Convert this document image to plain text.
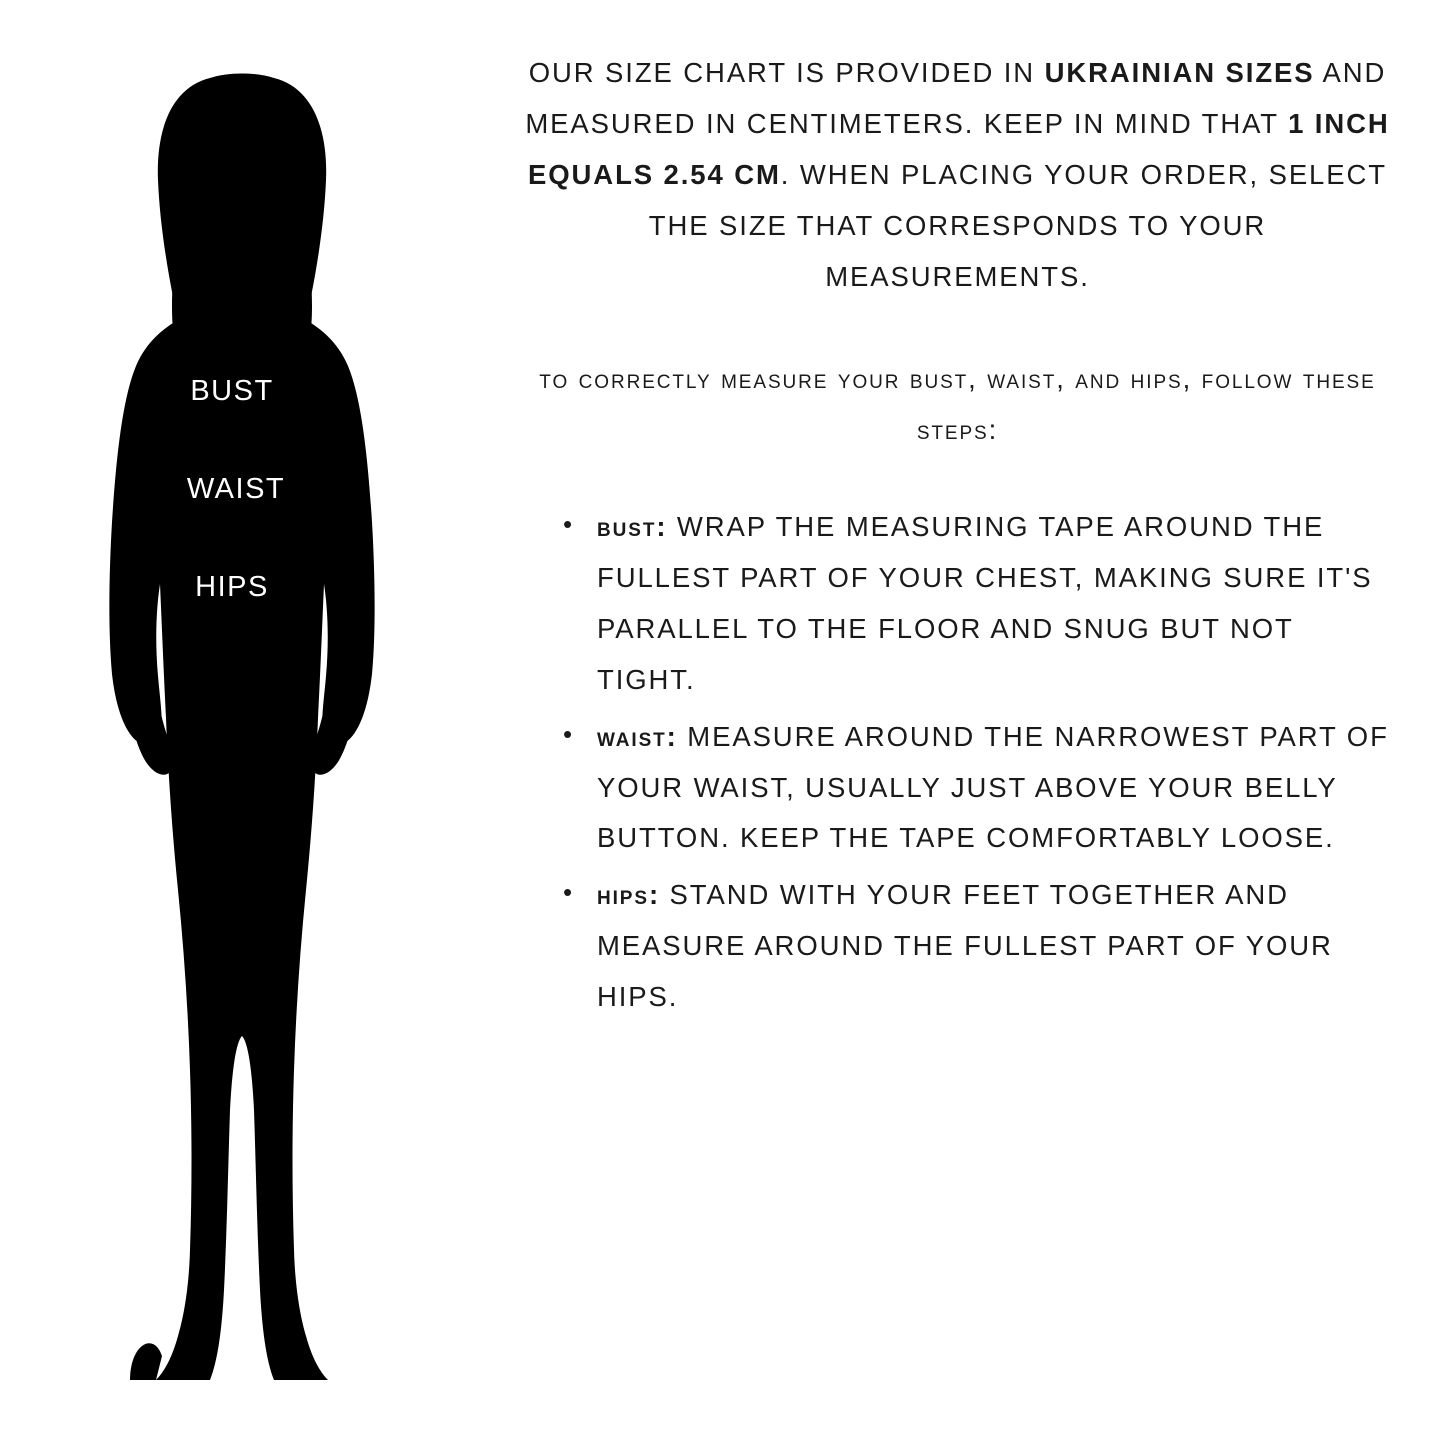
BUST
WAIST
HIPS

OUR SIZE CHART IS PROVIDED IN UKRAINIAN SIZES AND MEASURED IN CENTIMETERS. KEEP IN MIND THAT 1 INCH EQUALS 2.54 CM. WHEN PLACING YOUR ORDER, SELECT THE SIZE THAT CORRESPONDS TO YOUR MEASUREMENTS.

to correctly measure your bust, waist, and hips, follow these steps:

• bust: WRAP THE MEASURING TAPE AROUND THE FULLEST PART OF YOUR CHEST, MAKING SURE IT'S PARALLEL TO THE FLOOR AND SNUG BUT NOT TIGHT.
• waist: MEASURE AROUND THE NARROWEST PART OF YOUR WAIST, USUALLY JUST ABOVE YOUR BELLY BUTTON. KEEP THE TAPE COMFORTABLY LOOSE.
• hips: STAND WITH YOUR FEET TOGETHER AND MEASURE AROUND THE FULLEST PART OF YOUR HIPS.
